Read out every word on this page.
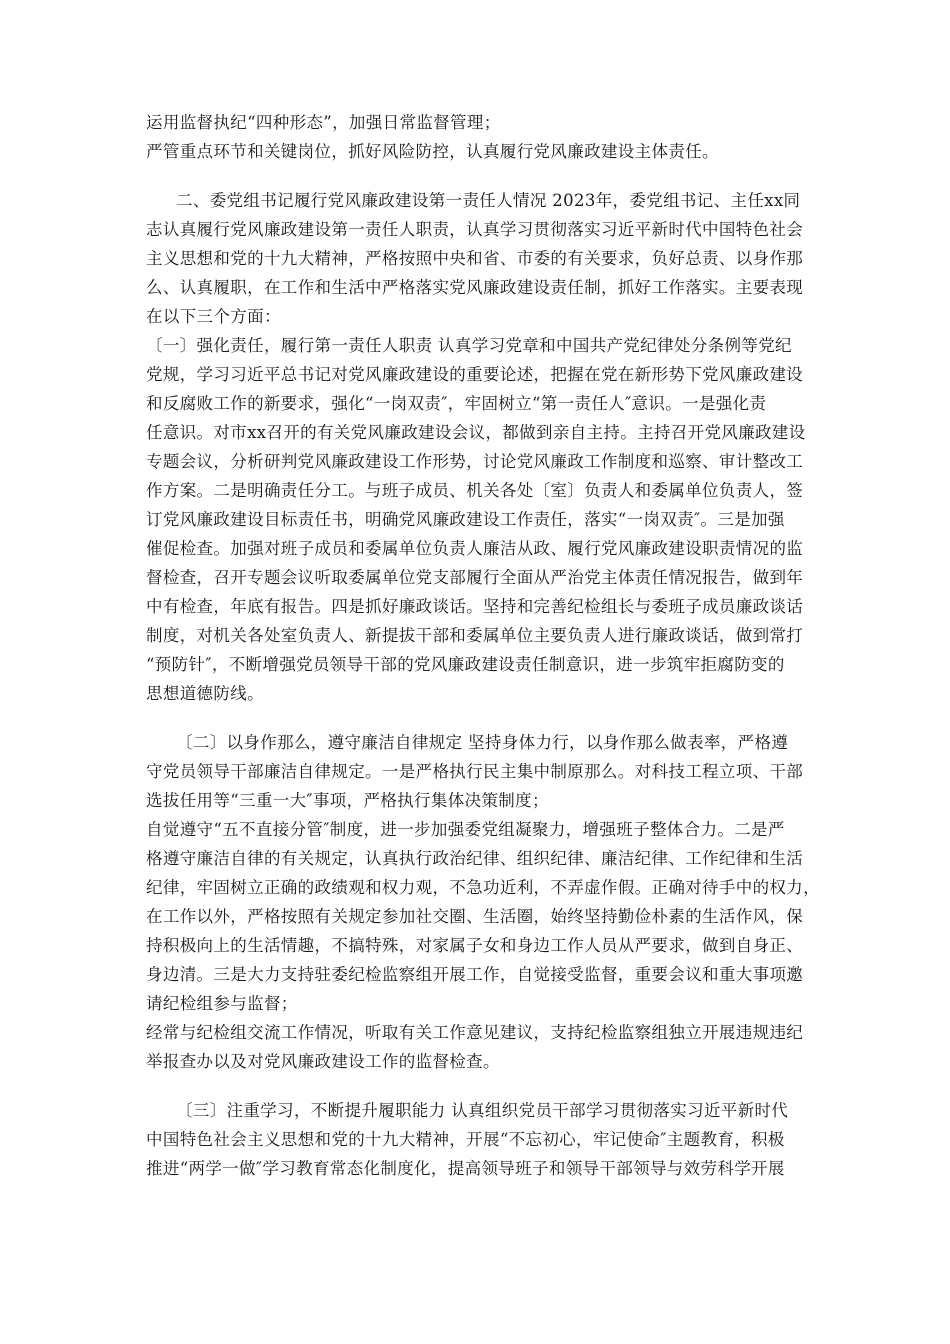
运用监督执纪“四种形态”，加强日常监督管理；
严管重点环节和关键岗位，抓好风险防控，认真履行党风廉政建设主体责任。
二、委党组书记履行党风廉政建设第一责任人情况 2023年，委党组书记、主任xx同
志认真履行党风廉政建设第一责任人职责，认真学习贯彻落实习近平新时代中国特色社会
主义思想和党的十九大精神，严格按照中央和省、市委的有关要求，负好总责、以身作那
么、认真履职，在工作和生活中严格落实党风廉政建设责任制，抓好工作落实。主要表现
在以下三个方面：
〔一〕强化责任，履行第一责任人职责 认真学习党章和中国共产党纪律处分条例等党纪
党规，学习习近平总书记对党风廉政建设的重要论述，把握在党在新形势下党风廉政建设
和反腐败工作的新要求，强化“一岗双责″，牢固树立“第一责任人″意识。一是强化责
任意识。对市xx召开的有关党风廉政建设会议，都做到亲自主持。主持召开党风廉政建设
专题会议，分析研判党风廉政建设工作形势，讨论党风廉政工作制度和巡察、审计整改工
作方案。二是明确责任分工。与班子成员、机关各处〔室〕负责人和委属单位负责人，签
订党风廉政建设目标责任书，明确党风廉政建设工作责任，落实“一岗双责″。三是加强
催促检查。加强对班子成员和委属单位负责人廉洁从政、履行党风廉政建设职责情况的监
督检查，召开专题会议听取委属单位党支部履行全面从严治党主体责任情况报告，做到年
中有检查，年底有报告。四是抓好廉政谈话。坚持和完善纪检组长与委班子成员廉政谈话
制度，对机关各处室负责人、新提拔干部和委属单位主要负责人进行廉政谈话，做到常打
“预防针″，不断增强党员领导干部的党风廉政建设责任制意识，进一步筑牢拒腐防变的
思想道德防线。
〔二〕以身作那么，遵守廉洁自律规定 坚持身体力行，以身作那么做表率，严格遵
守党员领导干部廉洁自律规定。一是严格执行民主集中制原那么。对科技工程立项、干部
选拔任用等“三重一大″事项，严格执行集体决策制度；
自觉遵守“五不直接分管″制度，进一步加强委党组凝聚力，增强班子整体合力。二是严
格遵守廉洁自律的有关规定，认真执行政治纪律、组织纪律、廉洁纪律、工作纪律和生活
纪律，牢固树立正确的政绩观和权力观，不急功近利，不弄虚作假。正确对待手中的权力，
在工作以外，严格按照有关规定参加社交圈、生活圈，始终坚持勤俭朴素的生活作风，保
持积极向上的生活情趣，不搞特殊，对家属子女和身边工作人员从严要求，做到自身正、
身边清。三是大力支持驻委纪检监察组开展工作，自觉接受监督，重要会议和重大事项邀
请纪检组参与监督；
经常与纪检组交流工作情况，听取有关工作意见建议，支持纪检监察组独立开展违规违纪
举报查办以及对党风廉政建设工作的监督检查。
〔三〕注重学习，不断提升履职能力 认真组织党员干部学习贯彻落实习近平新时代
中国特色社会主义思想和党的十九大精神，开展“不忘初心，牢记使命″主题教育，积极
推进“两学一做″学习教育常态化制度化，提高领导班子和领导干部领导与效劳科学开展
